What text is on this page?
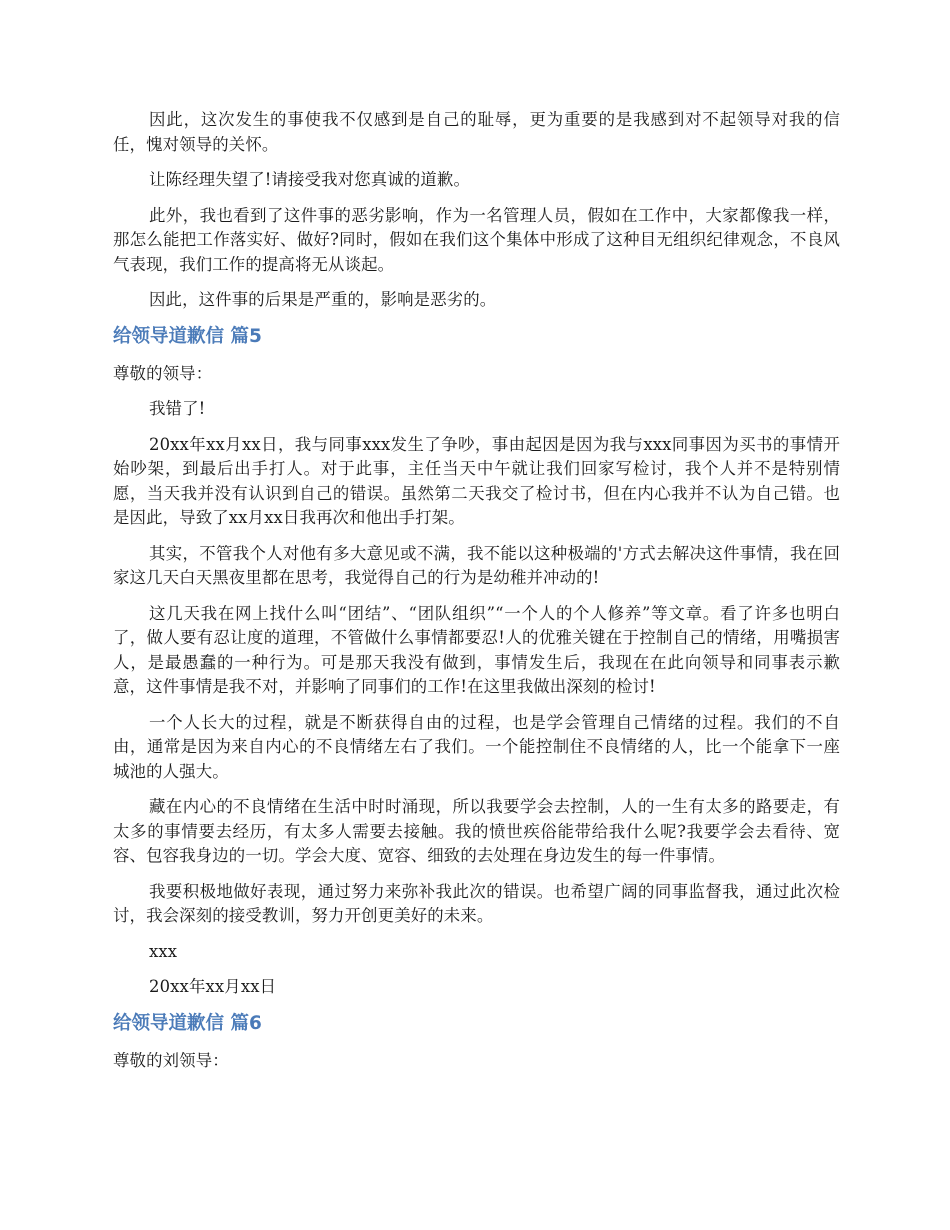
因此，这次发生的事使我不仅感到是自己的耻辱，更为重要的是我感到对不起领导对我的信任，愧对领导的关怀。

让陈经理失望了!请接受我对您真诚的道歉。

此外，我也看到了这件事的恶劣影响，作为一名管理人员，假如在工作中，大家都像我一样，那怎么能把工作落实好、做好?同时，假如在我们这个集体中形成了这种目无组织纪律观念，不良风气表现，我们工作的提高将无从谈起。

因此，这件事的后果是严重的，影响是恶劣的。

给领导道歉信 篇5

尊敬的领导：

我错了!

20xx年xx月xx日，我与同事xxx发生了争吵，事由起因是因为我与xxx同事因为买书的事情开始吵架，到最后出手打人。对于此事，主任当天中午就让我们回家写检讨，我个人并不是特别情愿，当天我并没有认识到自己的错误。虽然第二天我交了检讨书，但在内心我并不认为自己错。也是因此，导致了xx月xx日我再次和他出手打架。

其实，不管我个人对他有多大意见或不满，我不能以这种极端的'方式去解决这件事情，我在回家这几天白天黑夜里都在思考，我觉得自己的行为是幼稚并冲动的!

这几天我在网上找什么叫“团结”、“团队组织”“一个人的个人修养”等文章。看了许多也明白了，做人要有忍让度的道理，不管做什么事情都要忍!人的优雅关键在于控制自己的情绪，用嘴损害人，是最愚蠢的一种行为。可是那天我没有做到，事情发生后，我现在在此向领导和同事表示歉意，这件事情是我不对，并影响了同事们的工作!在这里我做出深刻的检讨!

一个人长大的过程，就是不断获得自由的过程，也是学会管理自己情绪的过程。我们的不自由，通常是因为来自内心的不良情绪左右了我们。一个能控制住不良情绪的人，比一个能拿下一座城池的人强大。

藏在内心的不良情绪在生活中时时涌现，所以我要学会去控制，人的一生有太多的路要走，有太多的事情要去经历，有太多人需要去接触。我的愤世疾俗能带给我什么呢?我要学会去看待、宽容、包容我身边的一切。学会大度、宽容、细致的去处理在身边发生的每一件事情。

我要积极地做好表现，通过努力来弥补我此次的错误。也希望广阔的同事监督我，通过此次检讨，我会深刻的接受教训，努力开创更美好的未来。

xxx

20xx年xx月xx日

给领导道歉信 篇6

尊敬的刘领导：
